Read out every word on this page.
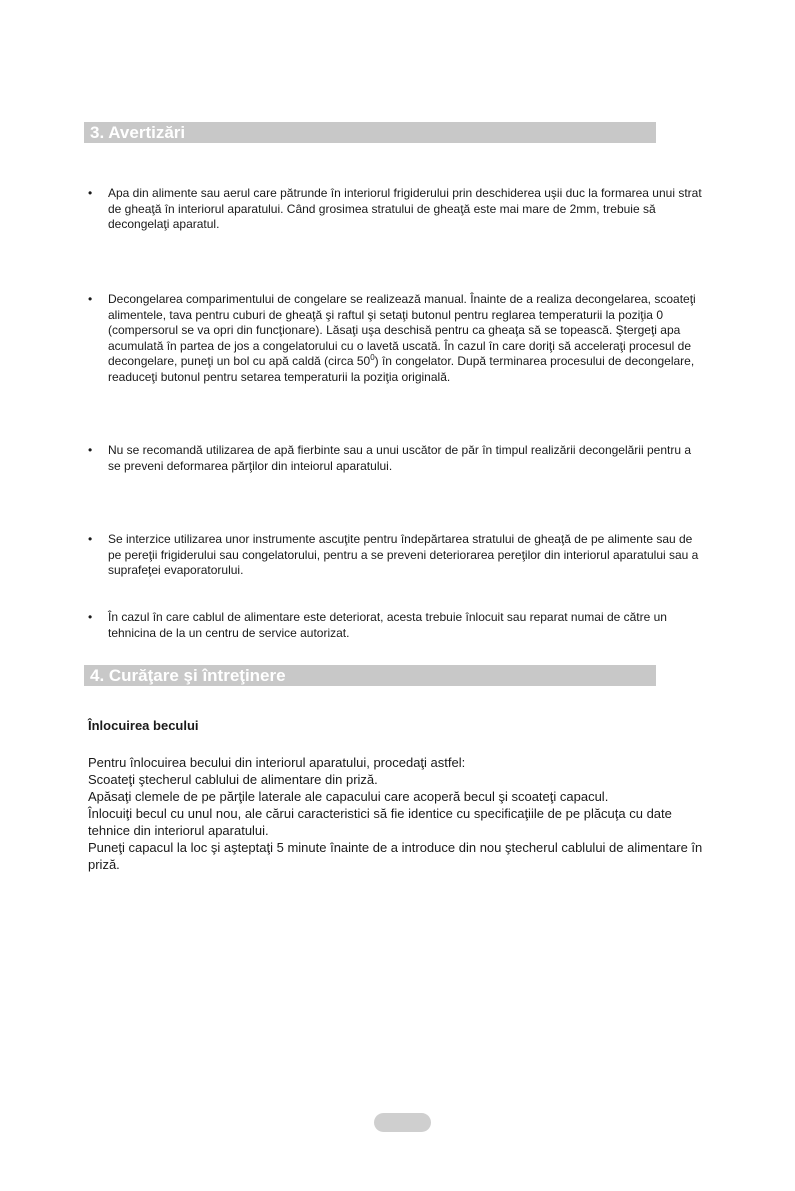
3. Avertizări
•	Apa din alimente sau aerul care pătrunde în interiorul frigiderului prin deschiderea uşii duc la formarea unui strat de gheaţă în interiorul aparatului. Când grosimea stratului de gheaţă este mai mare de 2mm, trebuie să decongelaţi aparatul.
•	Decongelarea comparimentului de congelare se realizează manual. Înainte de a realiza decongelarea, scoateţi alimentele, tava pentru cuburi de gheaţă şi raftul şi setaţi butonul pentru reglarea temperaturii la poziţia 0 (compersorul se va opri din funcţionare). Lăsaţi uşa deschisă pentru ca gheaţa să se topească. Ştergeţi apa acumulată în partea de jos a congelatorului cu o lavetă uscată. În cazul în care doriţi să acceleraţi procesul de decongelare, puneţi un bol cu apă caldă (circa $50^0$) în congelator. După terminarea procesului de decongelare, readuceţi butonul pentru setarea temperaturii la poziţia originală.
•	Nu se recomandă utilizarea de apă fierbinte sau a unui uscător de păr în timpul realizării decongelării pentru a se preveni deformarea părţilor din inteiorul aparatului.
•	Se interzice utilizarea unor instrumente ascuţite pentru îndepărtarea stratului de gheaţă de pe alimente sau de pe pereţii frigiderului sau congelatorului, pentru a se preveni deteriorarea pereţilor din interiorul aparatului sau a suprafeţei evaporatorului.
•	În cazul în care cablul de alimentare este deteriorat, acesta trebuie înlocuit sau reparat numai de către un tehnicina de la un centru de service autorizat.
4. Curăţare şi întreţinere
Înlocuirea becului
Pentru înlocuirea becului din interiorul aparatului, procedaţi astfel:
Scoateţi ştecherul cablului de alimentare din priză.
Apăsaţi clemele de pe părţile laterale ale capacului care acoperă becul şi scoateţi capacul.
Înlocuiţi becul cu unul nou, ale cărui caracteristici să fie identice cu specificaţiile de pe plăcuţa cu date tehnice din interiorul aparatului.
Puneţi capacul la loc şi aşteptaţi 5 minute înainte de a introduce din nou ştecherul cablului de alimentare în priză.
